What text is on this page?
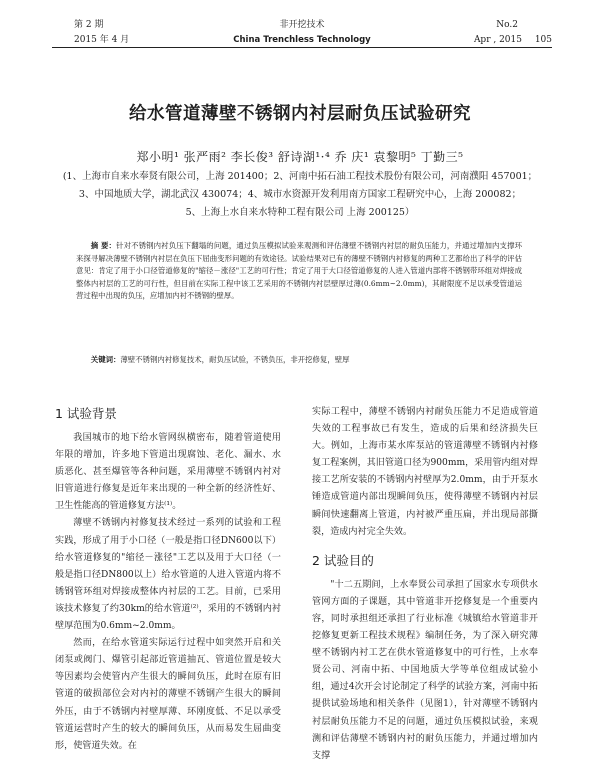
第 2 期
2015 年 4 月
非开挖技术
China Trenchless Technology
No.2
Apr , 2015 105
给水管道薄壁不锈钢内衬层耐负压试验研究
郑小明¹ 张严雨² 李长俊³ 舒诗湖¹·⁴ 乔 庆¹ 袁黎明⁵ 丁勤三⁵
(1、上海市自来水奉贤有限公司，上海 201400；2、河南中拓石油工程技术股份有限公司，河南濮阳 457001；
3、中国地质大学，湖北武汉 430074；4、城市水资源开发利用南方国家工程研究中心，上海 200082；
5、上海上水自来水特种工程有限公司 上海 200125）
摘 要：针对不锈钢内衬负压下翻塌的问题，通过负压模拟试验来观测和评估薄壁不锈钢内衬层的耐负压能力，并通过增加内支撑环来探寻解决薄壁不锈钢内衬层在负压下屈曲变形问题的有效途径。试验结果对已有的薄壁不锈钢内衬修复的两种工艺都给出了科学的评估意见：肯定了用于小口径管道修复的"缩径－涨径"工艺的可行性；肯定了用于大口径管道修复的人进入管道内部将不锈钢带环组对焊接成整体内衬层的工艺的可行性，但目前在实际工程中该工艺采用的不锈钢内衬层壁厚过薄(0.6mm~2.0mm)，其耐限度不足以承受管道运营过程中出现的负压，应增加内衬不锈钢的壁厚。
关键词：薄壁不锈钢内衬修复技术，耐负压试验，不锈负压，非开挖修复，壁厚

1 试验背景

我国城市的地下给水管网纵横密布，随着管道使用年限的增加，许多地下管道出现腐蚀、老化、漏水、水质恶化、甚至爆管等各种问题，采用薄壁不锈钢内衬对旧管道进行修复是近年来出现的一种全新的经济性好、卫生性能高的管道修复方法⁽¹⁾。

薄壁不锈钢内衬修复技术经过一系列的试验和工程实践，形成了用于小口径（一般是指口径DN600以下）给水管道修复的"缩径－涨径"工艺以及用于大口径（一般是指口径DN800以上）给水管道的人进入管道内将不锈钢管环组对焊接成整体内衬层的工艺。目前，已采用该技术修复了约30km的给水管道⁽²⁾，采用的不锈钢内衬壁厚范围为0.6mm~2.0mm。

然而，在给水管道实际运行过程中如突然开启和关闭泵或阀门、爆管引起部近管道抽瓦、管道位置是较大等因素均会使管内产生很大的瞬间负压，此时在原有旧管道的破损部位会对内衬的薄壁不锈钢产生很大的瞬间外压，由于不锈钢内衬壁厚薄、环刚度低、不足以承受管道运营时产生的较大的瞬间负压，从而易发生屈曲变形，使管道失效。在

实际工程中，薄壁不锈钢内衬耐负压能力不足造成管道失效的工程事故已有发生，造成的后果和经济损失巨大。例如，上海市某水库泵站的管道薄壁不锈钢内衬修复工程案例，其旧管道口径为900mm，采用管内组对焊接工艺所安装的不锈钢内衬壁厚为2.0mm，由于开泵水锤造成管道内部出现瞬间负压，使得薄壁不锈钢内衬层瞬间快速翻离上管道，内衬被严重压扁，并出现局部撕裂，造成内衬完全失效。

2 试验目的

"十二五期间，上水奉贤公司承担了国家水专项供水管网方面的子课题，其中管道非开挖修复是一个重要内容，同时承担组还承担了行业标准《城镇给水管道非开挖修复更新工程技术规程》编制任务，为了深入研究薄壁不锈钢内衬工艺在供水管道修复中的可行性，上水奉贤公司、河南中拓、中国地质大学等单位组成试验小组，通过4次开会讨论制定了科学的试验方案，河南中拓提供试验场地和相关条件（见图1），针对薄壁不锈钢内衬层耐负压能力不足的问题，通过负压模拟试验，来观测和评估薄壁不锈钢内衬的耐负压能力，并通过增加内支撑
